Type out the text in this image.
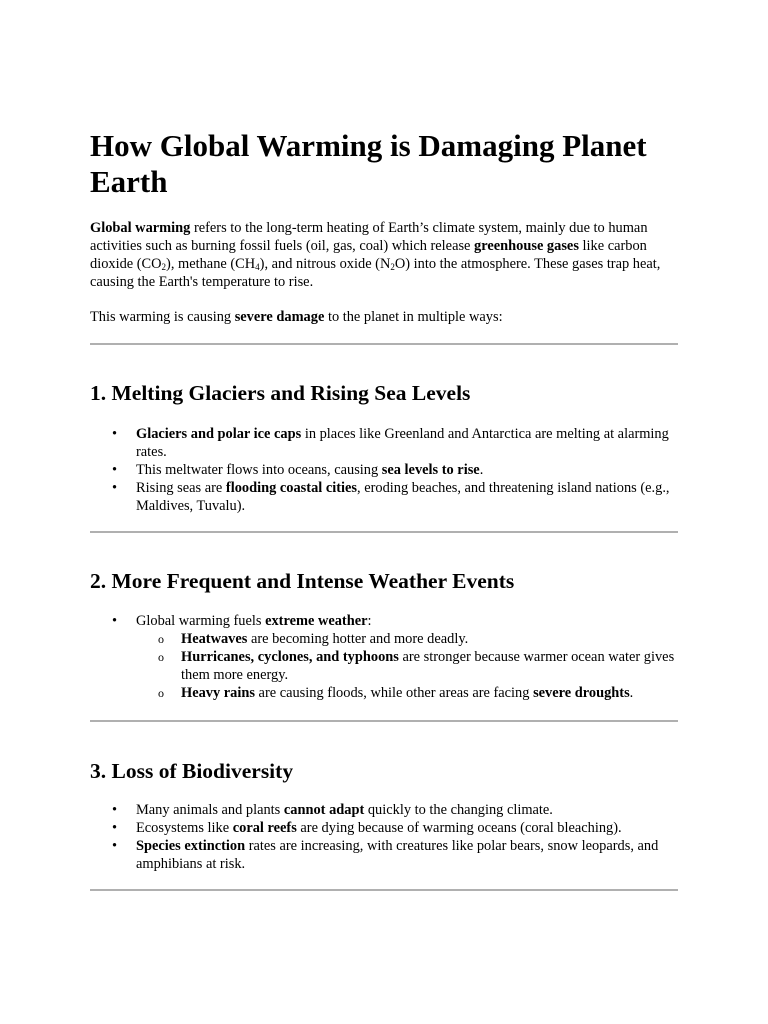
How Global Warming is Damaging Planet Earth

Global warming refers to the long-term heating of Earth’s climate system, mainly due to human activities such as burning fossil fuels (oil, gas, coal) which release greenhouse gases like carbon dioxide $(CO_2)$, methane $(CH_4)$, and nitrous oxide $(N_2O)$ into the atmosphere. These gases trap heat, causing the Earth's temperature to rise.

This warming is causing severe damage to the planet in multiple ways:

1. Melting Glaciers and Rising Sea Levels
• Glaciers and polar ice caps in places like Greenland and Antarctica are melting at alarming rates.
• This meltwater flows into oceans, causing sea levels to rise.
• Rising seas are flooding coastal cities, eroding beaches, and threatening island nations (e.g., Maldives, Tuvalu).
2. More Frequent and Intense Weather Events
• Global warming fuels extreme weather:
o Heatwaves are becoming hotter and more deadly.
o Hurricanes, cyclones, and typhoons are stronger because warmer ocean water gives them more energy.
o Heavy rains are causing floods, while other areas are facing severe droughts.
3. Loss of Biodiversity
• Many animals and plants cannot adapt quickly to the changing climate.
• Ecosystems like coral reefs are dying because of warming oceans (coral bleaching).
• Species extinction rates are increasing, with creatures like polar bears, snow leopards, and amphibians at risk.
